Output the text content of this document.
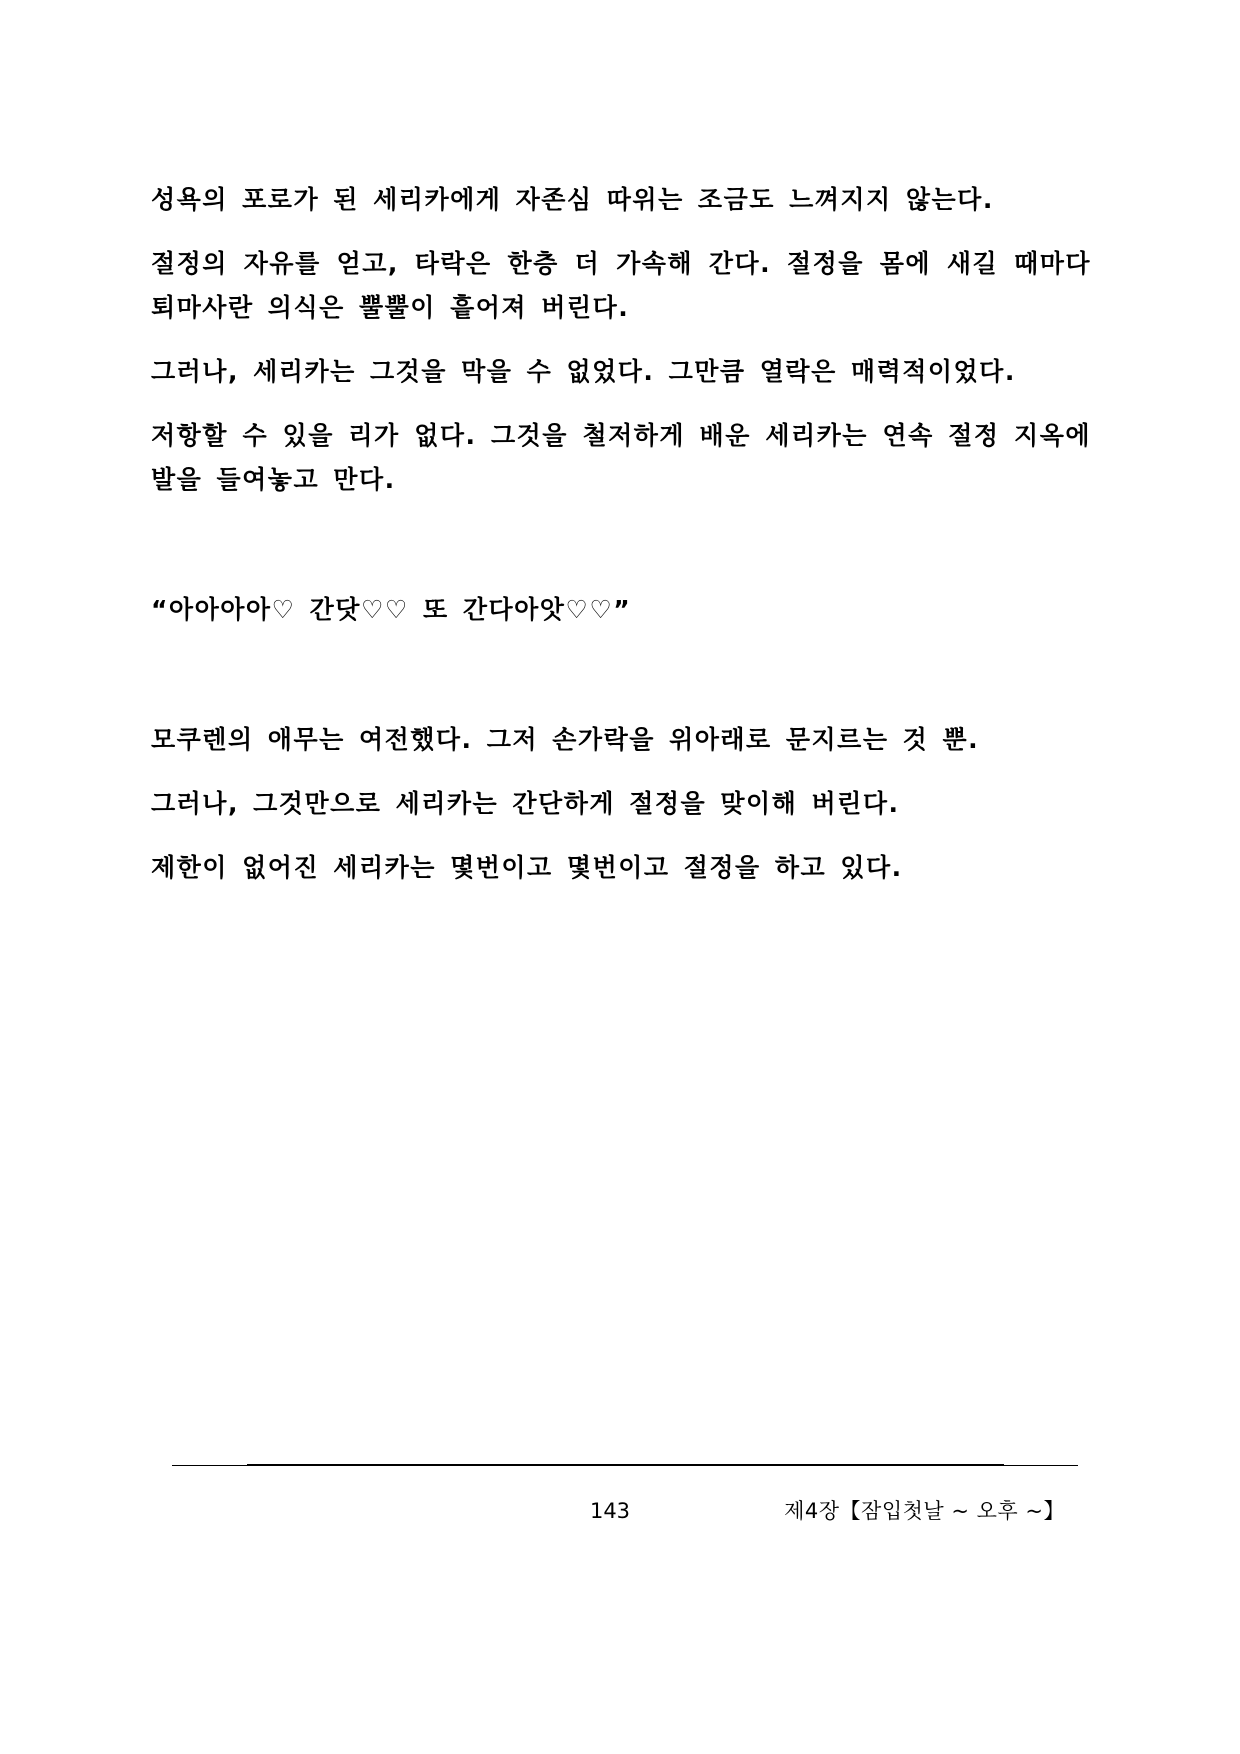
성욕의 포로가 된 세리카에게 자존심 따위는 조금도 느껴지지 않는다.

절정의 자유를 얻고, 타락은 한층 더 가속해 간다. 절정을 몸에 새길 때마다 퇴마사란 의식은 뿔뿔이 흩어져 버린다.

그러나, 세리카는 그것을 막을 수 없었다. 그만큼 열락은 매력적이었다.

저항할 수 있을 리가 없다. 그것을 철저하게 배운 세리카는 연속 절정 지옥에 발을 들여놓고 만다.

“아아아아♡ 간닷♡♡ 또 간다아앗♡♡”

모쿠렌의 애무는 여전했다. 그저 손가락을 위아래로 문지르는 것 뿐.

그러나, 그것만으로 세리카는 간단하게 절정을 맞이해 버린다.

제한이 없어진 세리카는 몇번이고 몇번이고 절정을 하고 있다.

143	제4장【잠입첫날 ~ 오후 ~】
